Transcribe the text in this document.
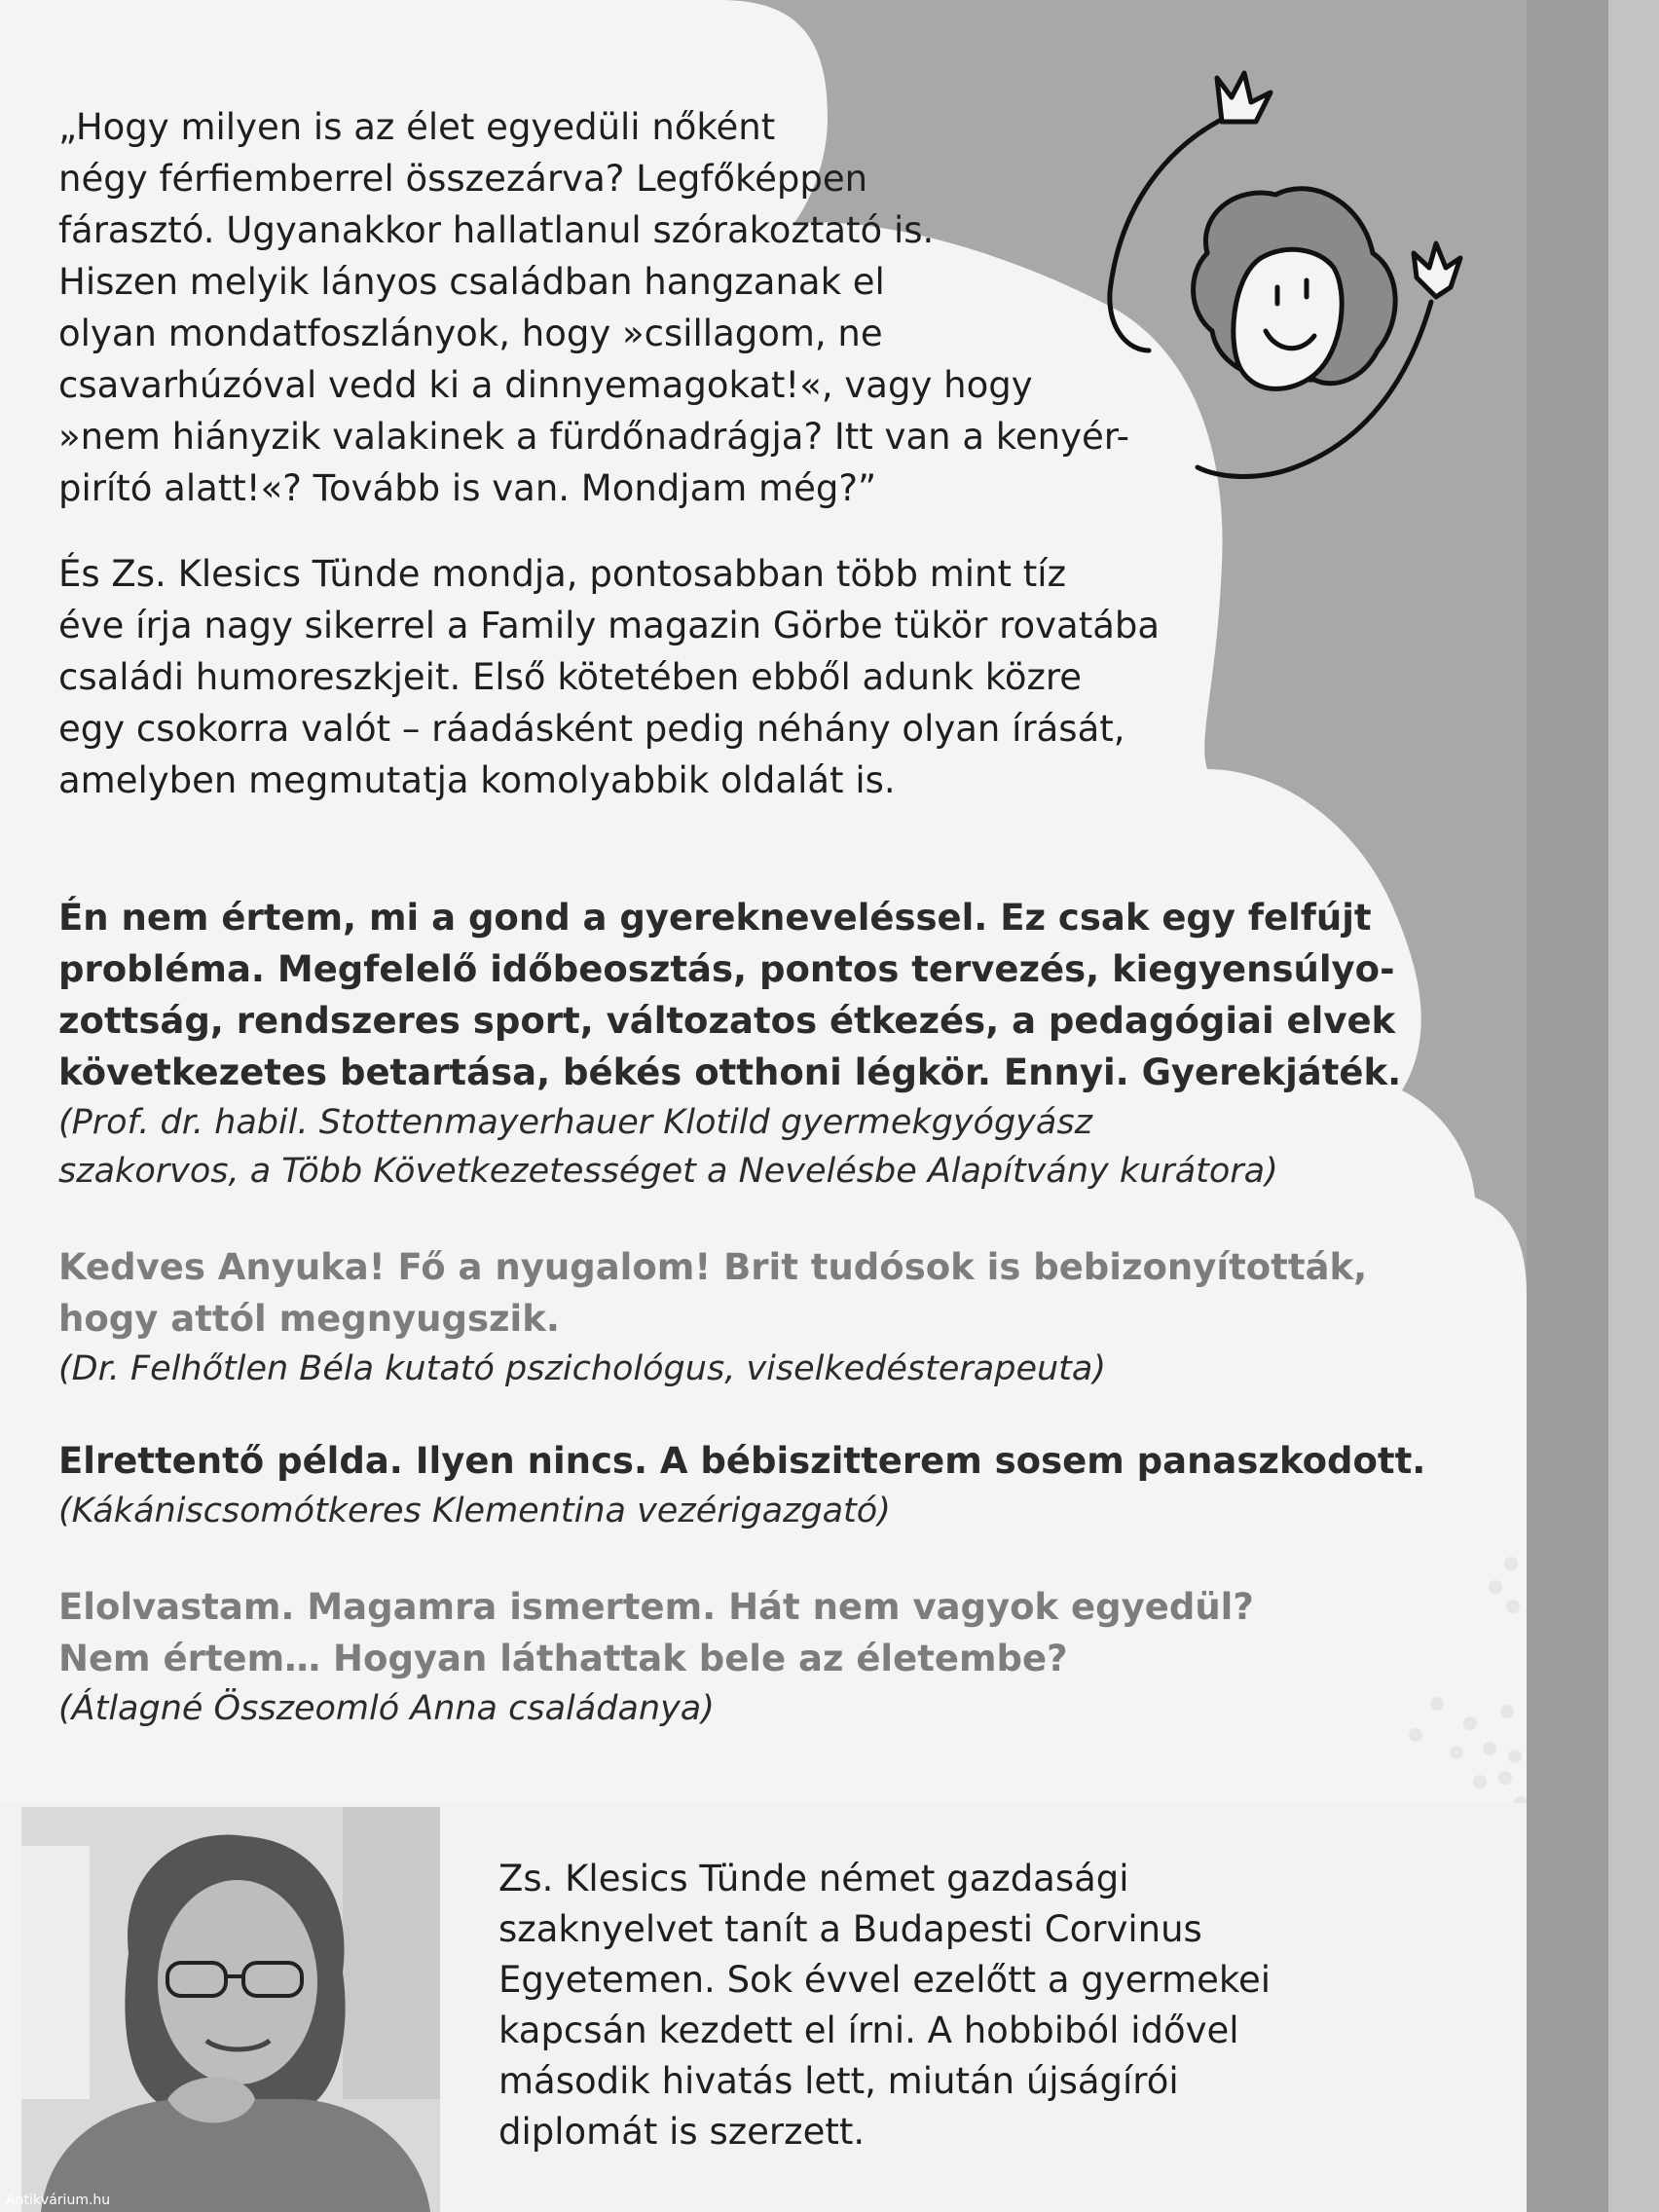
„Hogy milyen is az élet egyedüli nőként
négy férfiemberrel összezárva? Legfőképpen
fárasztó. Ugyanakkor hallatlanul szórakoztató is.
Hiszen melyik lányos családban hangzanak el
olyan mondatfoszlányok, hogy »csillagom, ne
csavarhúzóval vedd ki a dinnyemagokat!«, vagy hogy
»nem hiányzik valakinek a fürdőnadrágja? Itt van a kenyér-
pirító alatt!«? Tovább is van. Mondjam még?”

És Zs. Klesics Tünde mondja, pontosabban több mint tíz
éve írja nagy sikerrel a Family magazin Görbe tükör rovatába
családi humoreszkjeit. Első kötetében ebből adunk közre
egy csokorra valót – ráadásként pedig néhány olyan írását,
amelyben megmutatja komolyabbik oldalát is.

Én nem értem, mi a gond a gyerekneveléssel. Ez csak egy felfújt
probléma. Megfelelő időbeosztás, pontos tervezés, kiegyensúlyo-
zottság, rendszeres sport, változatos étkezés, a pedagógiai elvek
következetes betartása, békés otthoni légkör. Ennyi. Gyerekjáték.
(Prof. dr. habil. Stottenmayerhauer Klotild gyermekgyógyász
szakorvos, a Több Következetességet a Nevelésbe Alapítvány kurátora)
Kedves Anyuka! Fő a nyugalom! Brit tudósok is bebizonyították,
hogy attól megnyugszik.
(Dr. Felhőtlen Béla kutató pszichológus, viselkedésterapeuta)
Elrettentő példa. Ilyen nincs. A bébiszitterem sosem panaszkodott.
(Kákániscsomótkeres Klementina vezérigazgató)
Elolvastam. Magamra ismertem. Hát nem vagyok egyedül?
Nem értem… Hogyan láthattak bele az életembe?
(Átlagné Összeomló Anna családanya)

Zs. Klesics Tünde német gazdasági
szaknyelvet tanít a Budapesti Corvinus
Egyetemen. Sok évvel ezelőtt a gyermekei
kapcsán kezdett el írni. A hobbiból idővel
második hivatás lett, miután újságírói
diplomát is szerzett.

Antikvárium.hu
